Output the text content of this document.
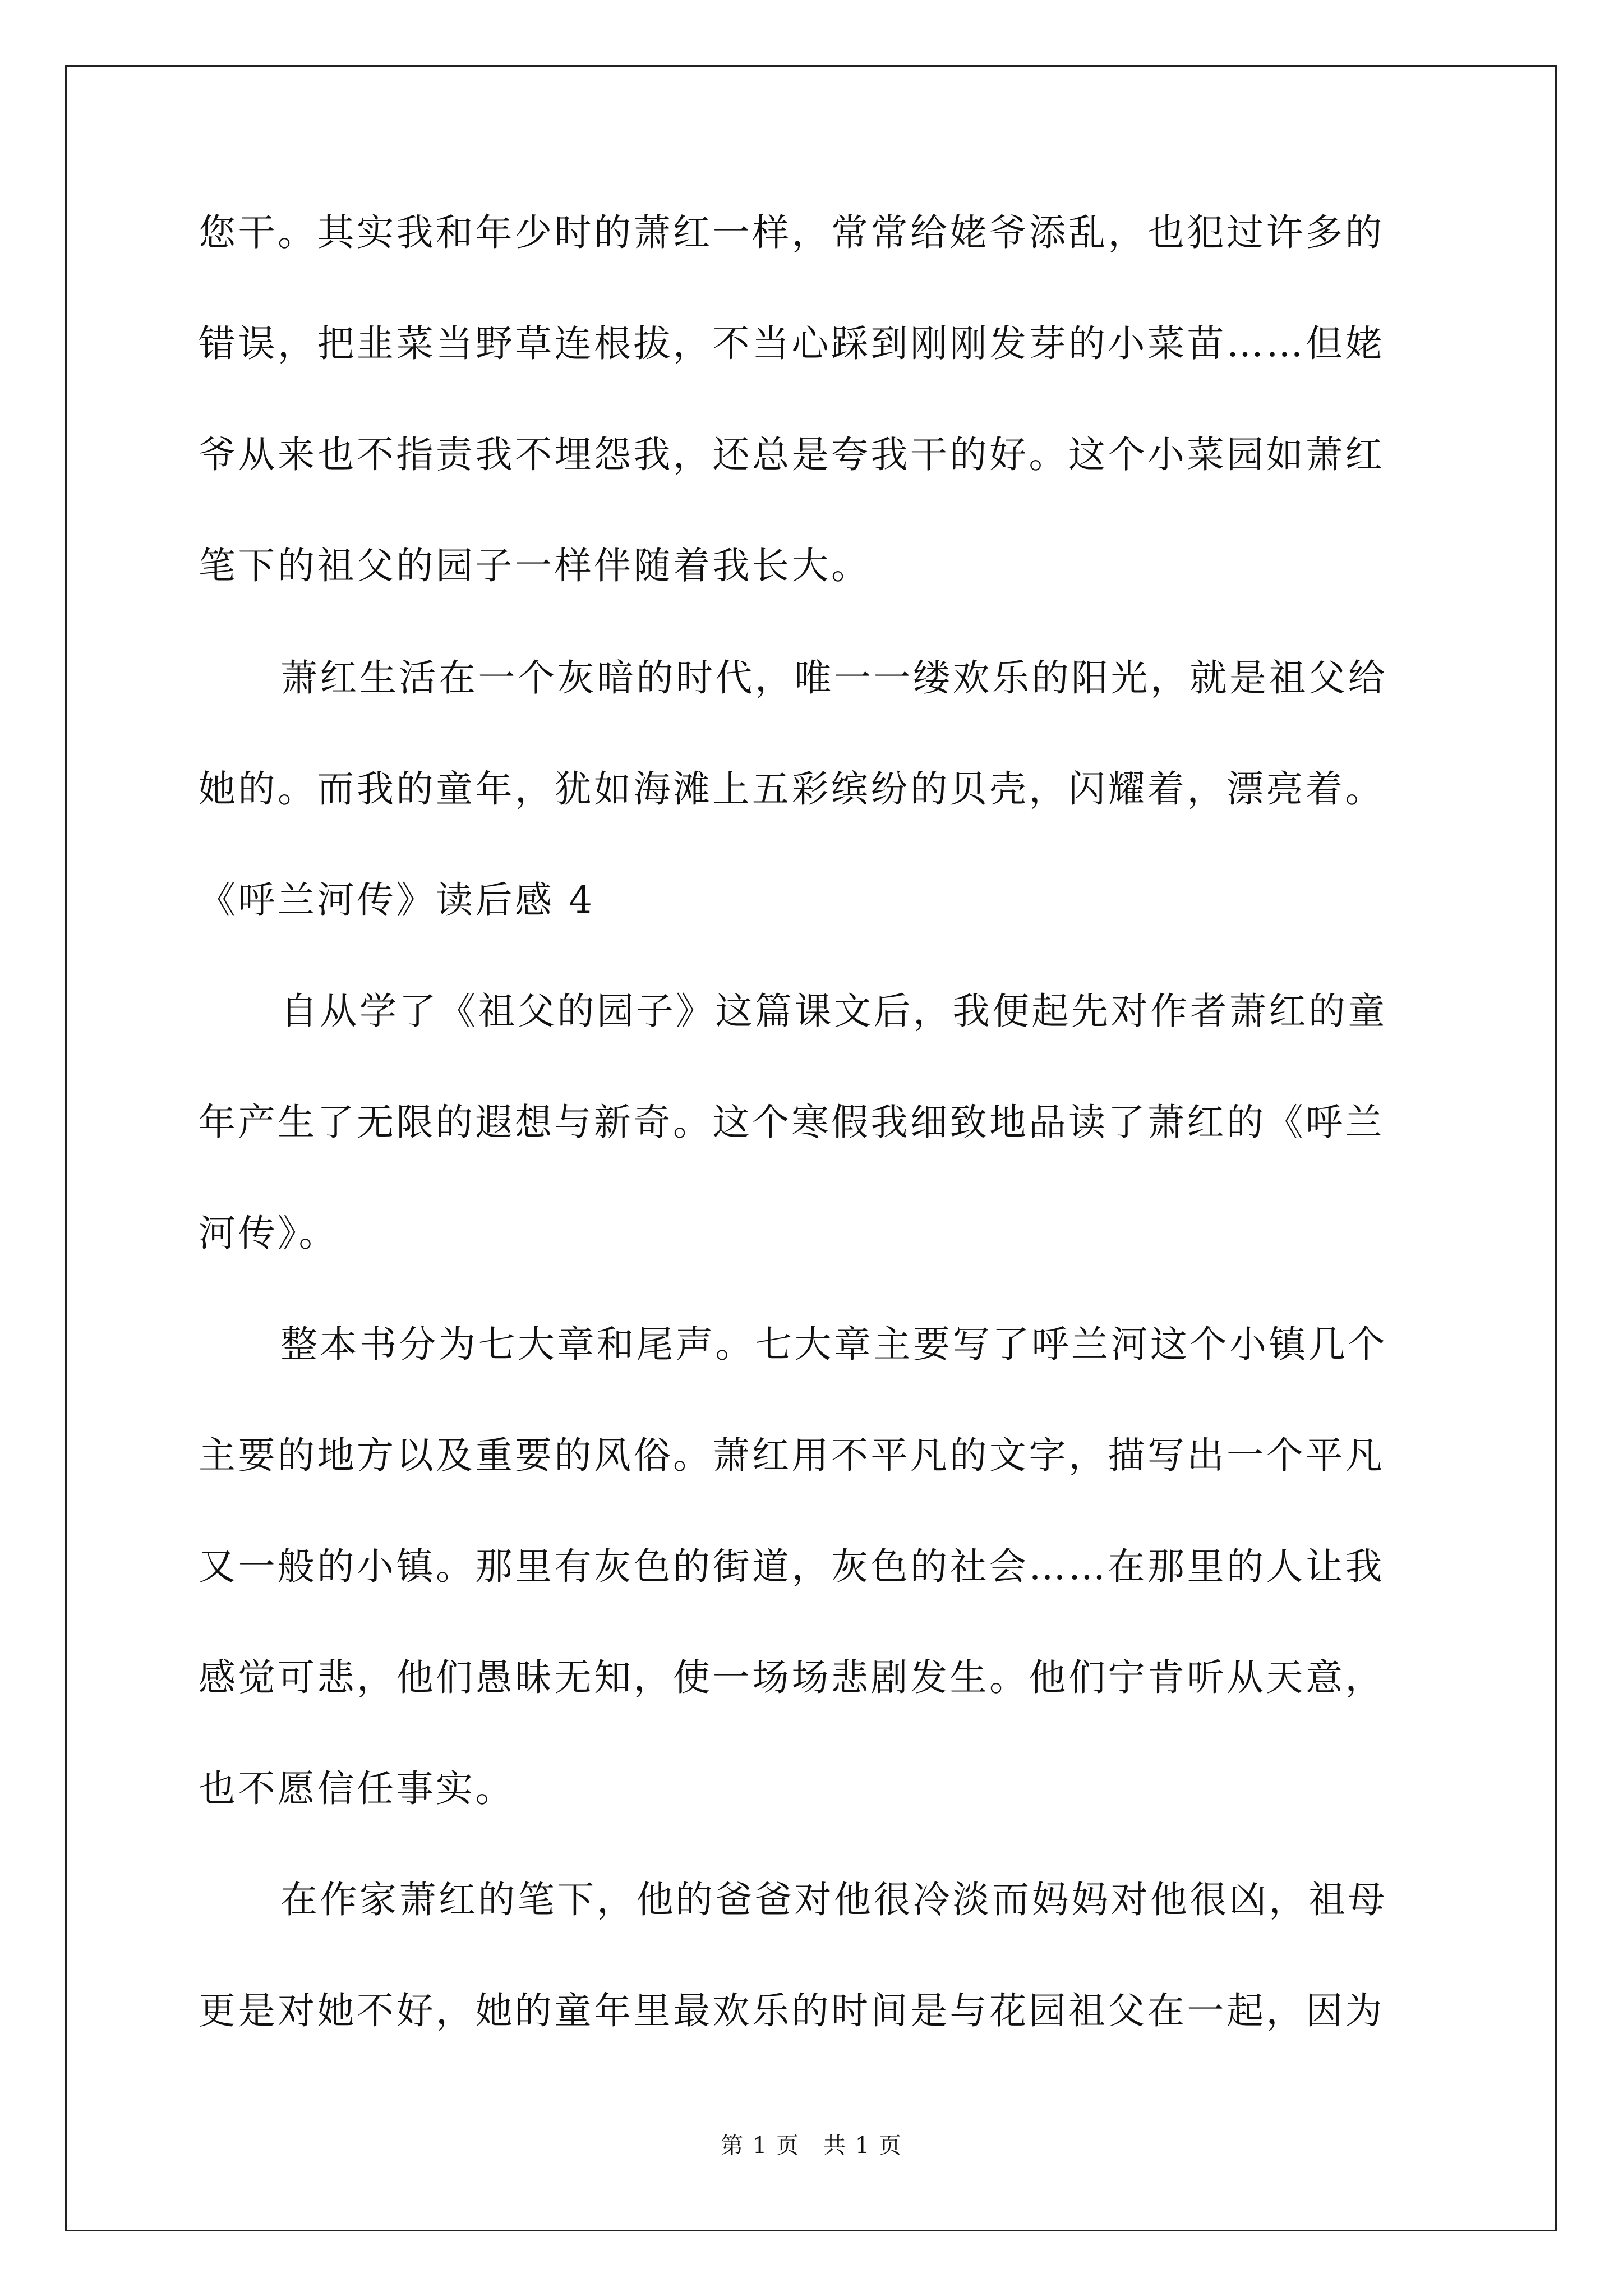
您干。其实我和年少时的萧红一样，常常给姥爷添乱，也犯过许多的
错误，把韭菜当野草连根拔，不当心踩到刚刚发芽的小菜苗……但姥
爷从来也不指责我不埋怨我，还总是夸我干的好。这个小菜园如萧红
笔下的祖父的园子一样伴随着我长大。
萧红生活在一个灰暗的时代，唯一一缕欢乐的阳光，就是祖父给
她的。而我的童年，犹如海滩上五彩缤纷的贝壳，闪耀着，漂亮着。
《呼兰河传》读后感 4
自从学了《祖父的园子》这篇课文后，我便起先对作者萧红的童
年产生了无限的遐想与新奇。这个寒假我细致地品读了萧红的《呼兰
河传》。
整本书分为七大章和尾声。七大章主要写了呼兰河这个小镇几个
主要的地方以及重要的风俗。萧红用不平凡的文字，描写出一个平凡
又一般的小镇。那里有灰色的街道，灰色的社会……在那里的人让我
感觉可悲，他们愚昧无知，使一场场悲剧发生。他们宁肯听从天意，
也不愿信任事实。
在作家萧红的笔下，他的爸爸对他很冷淡而妈妈对他很凶，祖母
更是对她不好，她的童年里最欢乐的时间是与花园祖父在一起，因为
第 1 页　共 1 页
